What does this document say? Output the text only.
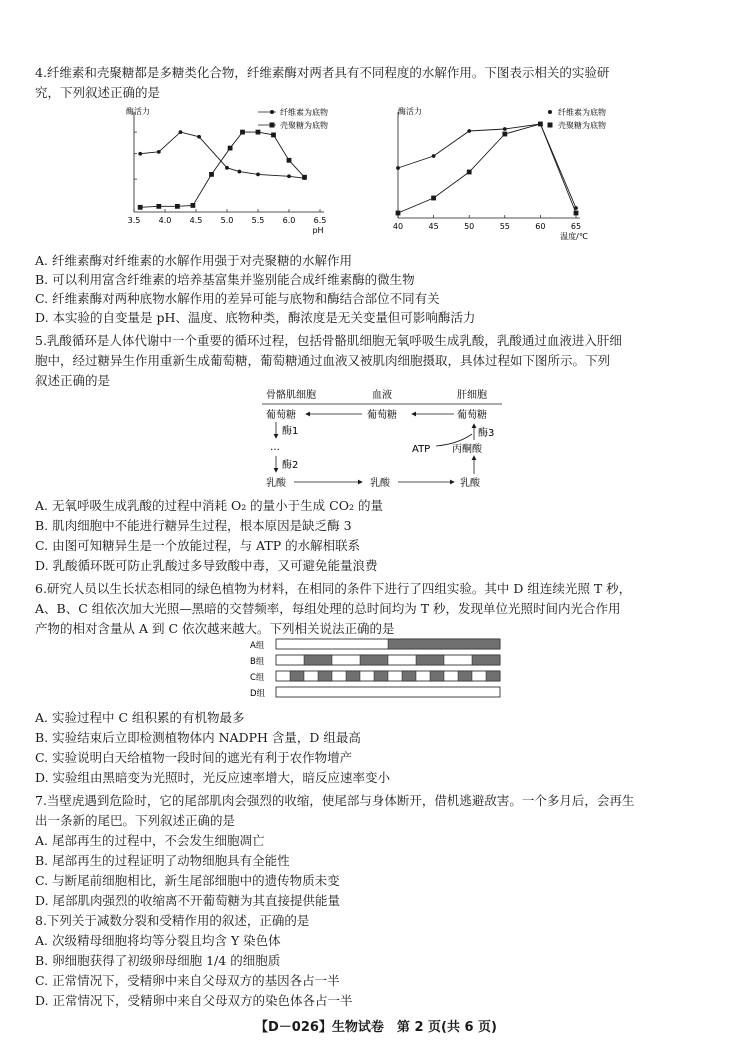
4.纤维素和壳聚糖都是多糖类化合物，纤维素酶对两者具有不同程度的水解作用。下图表示相关的实验研
究，下列叙述正确的是
酶活力
3.5 4.0 4.5 5.0 5.5 6.0 6.5
pH
纤维素为底物
壳聚糖为底物
酶活力
40	45	50	55	60	65
温度/℃
纤维素为底物
壳聚糖为底物
A. 纤维素酶对纤维素的水解作用强于对壳聚糖的水解作用
B. 可以利用富含纤维素的培养基富集并鉴别能合成纤维素酶的微生物
C. 纤维素酶对两种底物水解作用的差异可能与底物和酶结合部位不同有关
D. 本实验的自变量是 pH、温度、底物种类，酶浓度是无关变量但可影响酶活力
5.乳酸循环是人体代谢中一个重要的循环过程，包括骨骼肌细胞无氧呼吸生成乳酸，乳酸通过血液进入肝细
胞中，经过糖异生作用重新生成葡萄糖，葡萄糖通过血液又被肌肉细胞摄取，具体过程如下图所示。下列
叙述正确的是
骨骼肌细胞	血液	肝细胞
葡萄糖	葡萄糖	葡萄糖
酶1
…
酶2
乳酸	乳酸	乳酸
丙酮酸
酶3
ATP
A. 无氧呼吸生成乳酸的过程中消耗 O₂ 的量小于生成 CO₂ 的量
B. 肌肉细胞中不能进行糖异生过程，根本原因是缺乏酶 3
C. 由图可知糖异生是一个放能过程，与 ATP 的水解相联系
D. 乳酸循环既可防止乳酸过多导致酸中毒，又可避免能量浪费
6.研究人员以生长状态相同的绿色植物为材料，在相同的条件下进行了四组实验。其中 D 组连续光照 T 秒，
A、B、C 组依次加大光照—黑暗的交替频率，每组处理的总时间均为 T 秒，发现单位光照时间内光合作用
产物的相对含量从 A 到 C 依次越来越大。下列相关说法正确的是
A组
B组
C组
D组
A. 实验过程中 C 组积累的有机物最多
B. 实验结束后立即检测植物体内 NADPH 含量，D 组最高
C. 实验说明白天给植物一段时间的遮光有利于农作物增产
D. 实验组由黑暗变为光照时，光反应速率增大，暗反应速率变小
7.当壁虎遇到危险时，它的尾部肌肉会强烈的收缩，使尾部与身体断开，借机逃避敌害。一个多月后，会再生
出一条新的尾巴。下列叙述正确的是
A. 尾部再生的过程中，不会发生细胞凋亡
B. 尾部再生的过程证明了动物细胞具有全能性
C. 与断尾前细胞相比，新生尾部细胞中的遗传物质未变
D. 尾部肌肉强烈的收缩离不开葡萄糖为其直接提供能量
8.下列关于减数分裂和受精作用的叙述，正确的是
A. 次级精母细胞将均等分裂且均含 Y 染色体
B. 卵细胞获得了初级卵母细胞 1/4 的细胞质
C. 正常情况下，受精卵中来自父母双方的基因各占一半
D. 正常情况下，受精卵中来自父母双方的染色体各占一半
【D－026】生物试卷　第 2 页(共 6 页)
